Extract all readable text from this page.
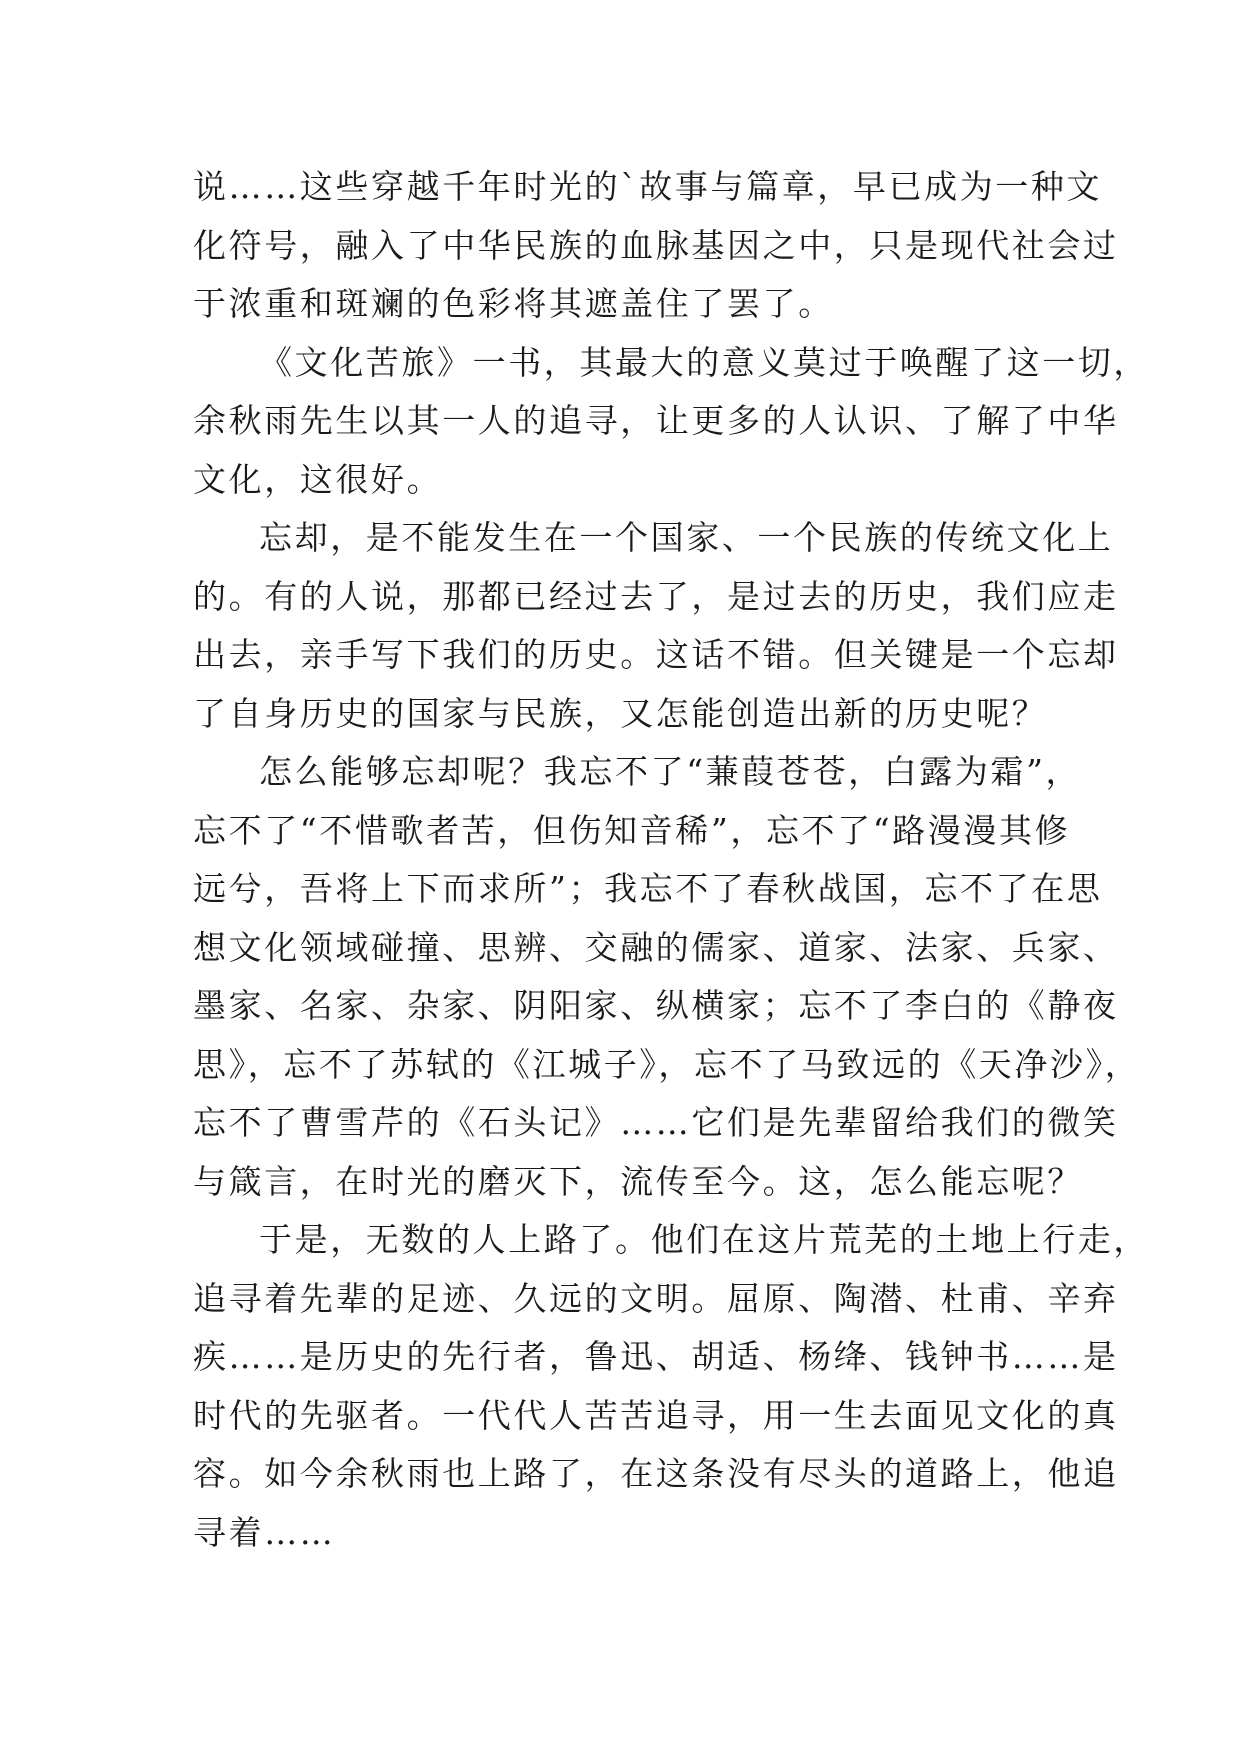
说……这些穿越千年时光的`故事与篇章，早已成为一种文
化符号，融入了中华民族的血脉基因之中，只是现代社会过
于浓重和斑斓的色彩将其遮盖住了罢了。
《文化苦旅》一书，其最大的意义莫过于唤醒了这一切，
余秋雨先生以其一人的追寻，让更多的人认识、了解了中华
文化，这很好。
忘却，是不能发生在一个国家、一个民族的传统文化上
的。有的人说，那都已经过去了，是过去的历史，我们应走
出去，亲手写下我们的历史。这话不错。但关键是一个忘却
了自身历史的国家与民族，又怎能创造出新的历史呢？
怎么能够忘却呢？我忘不了“蒹葭苍苍，白露为霜”，
忘不了“不惜歌者苦，但伤知音稀”，忘不了“路漫漫其修
远兮，吾将上下而求所”；我忘不了春秋战国，忘不了在思
想文化领域碰撞、思辨、交融的儒家、道家、法家、兵家、
墨家、名家、杂家、阴阳家、纵横家；忘不了李白的《静夜
思》，忘不了苏轼的《江城子》，忘不了马致远的《天净沙》，
忘不了曹雪芹的《石头记》……它们是先辈留给我们的微笑
与箴言，在时光的磨灭下，流传至今。这，怎么能忘呢？
于是，无数的人上路了。他们在这片荒芜的土地上行走，
追寻着先辈的足迹、久远的文明。屈原、陶潜、杜甫、辛弃
疾……是历史的先行者，鲁迅、胡适、杨绛、钱钟书……是
时代的先驱者。一代代人苦苦追寻，用一生去面见文化的真
容。如今余秋雨也上路了，在这条没有尽头的道路上，他追
寻着……
